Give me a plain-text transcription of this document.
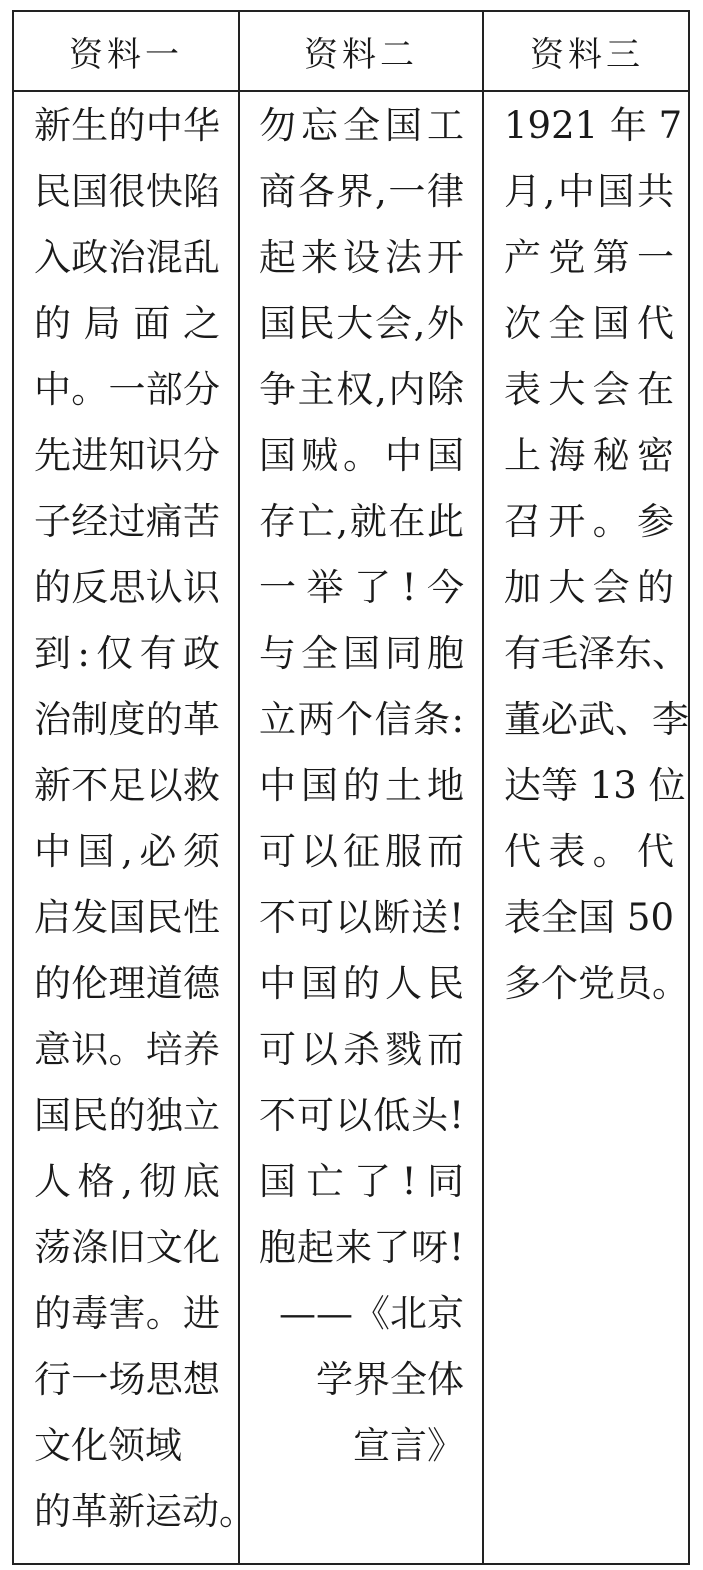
资料一	资料二	资料三
新生的中华
民国很快陷
入政治混乱
的局面之
中。一部分
先进知识分
子经过痛苦
的反思认识
到:仅有政
治制度的革
新不足以救
中国,必须
启发国民性
的伦理道德
意识。培养
国民的独立
人格,彻底
荡涤旧文化
的毒害。进
行一场思想
文化领域
的革新运动。
勿忘全国工
商各界,一律
起来设法开
国民大会,外
争主权,内除
国贼。中国
存亡,就在此
一举了!今
与全国同胞
立两个信条:
中国的土地
可以征服而
不可以断送!
中国的人民
可以杀戮而
不可以低头!
国亡了!同
胞起来了呀!
——《北京
学界全体
宣言》
1921 年 7
月,中国共
产党第一
次全国代
表大会在
上海秘密
召开。参
加大会的
有毛泽东、
董必武、李
达等 13 位
代表。代
表全国 50
多个党员。
